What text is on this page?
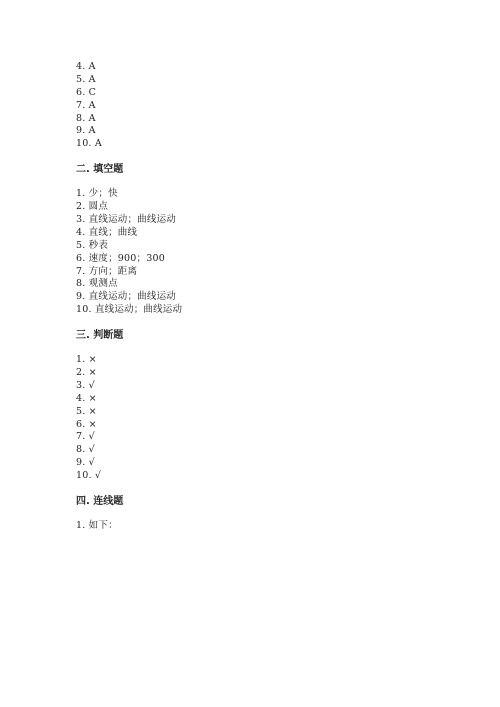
4. A
5. A
6. C
7. A
8. A
9. A
10. A
二. 填空题
1. 少；快
2. 圆点
3. 直线运动；曲线运动
4. 直线；曲线
5. 秒表
6. 速度；900；300
7. 方向；距离
8. 观测点
9. 直线运动；曲线运动
10. 直线运动；曲线运动
三. 判断题
1. ×
2. ×
3. √
4. ×
5. ×
6. ×
7. √
8. √
9. √
10. √
四. 连线题
1. 如下：
